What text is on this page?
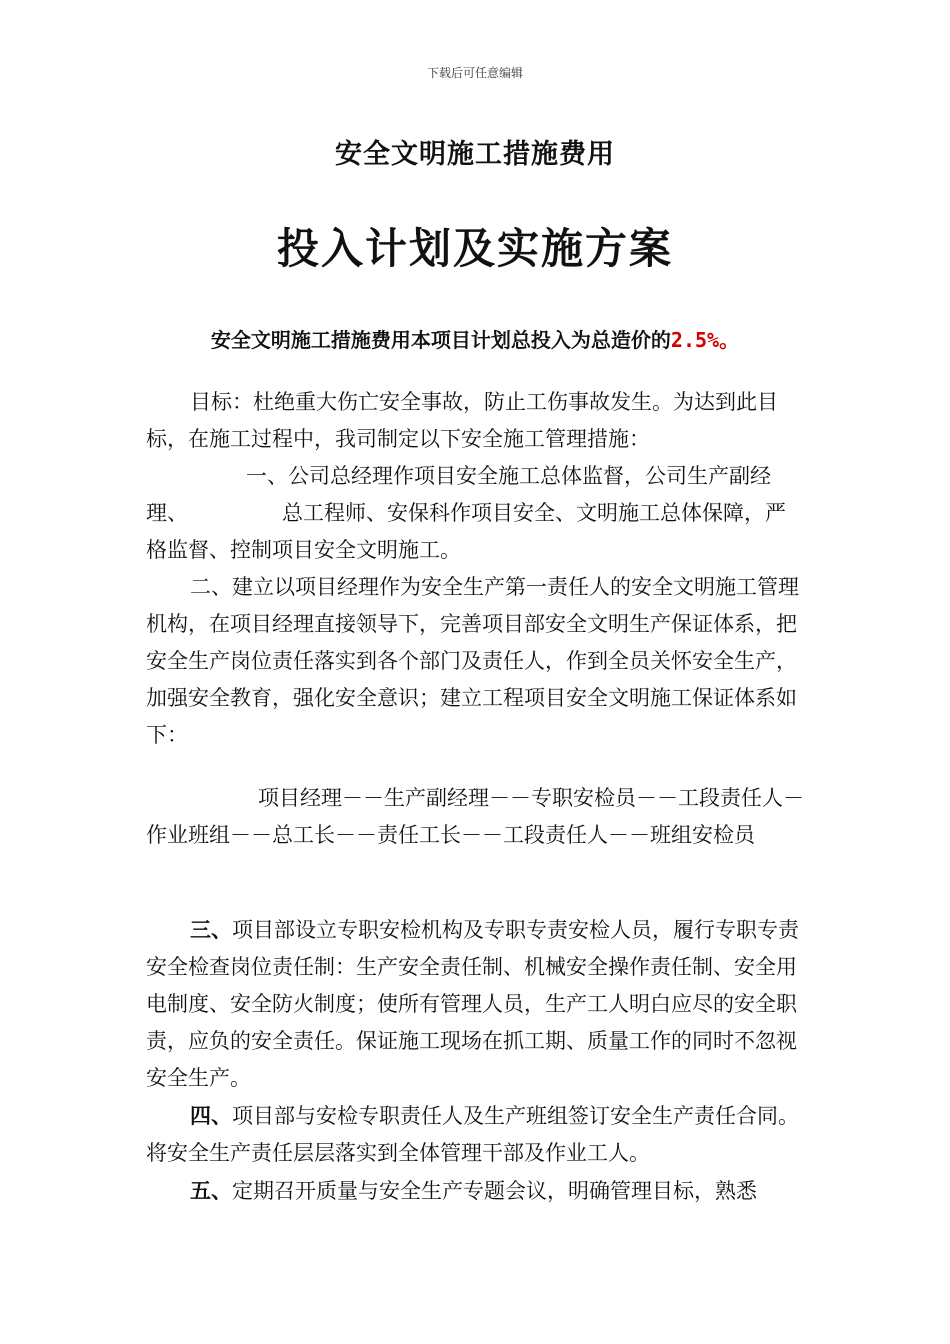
下载后可任意编辑
安全文明施工措施费用
投入计划及实施方案
安全文明施工措施费用本项目计划总投入为总造价的2.5%。

目标：杜绝重大伤亡安全事故，防止工伤事故发生。为达到此目标，在施工过程中，我司制定以下安全施工管理措施：

一、公司总经理作项目安全施工总体监督，公司生产副经理、	总工程师、安保科作项目安全、文明施工总体保障，严格监督、控制项目安全文明施工。

二、建立以项目经理作为安全生产第一责任人的安全文明施工管理机构，在项目经理直接领导下，完善项目部安全文明生产保证体系，把安全生产岗位责任落实到各个部门及责任人，作到全员关怀安全生产，加强安全教育，强化安全意识；建立工程项目安全文明施工保证体系如下：

项目经理－－生产副经理－－专职安检员－－工段责任人－作业班组－－总工长－－责任工长－－工段责任人－－班组安检员

三、项目部设立专职安检机构及专职专责安检人员，履行专职专责安全检查岗位责任制：生产安全责任制、机械安全操作责任制、安全用电制度、安全防火制度；使所有管理人员，生产工人明白应尽的安全职责，应负的安全责任。保证施工现场在抓工期、质量工作的同时不忽视安全生产。

四、项目部与安检专职责任人及生产班组签订安全生产责任合同。将安全生产责任层层落实到全体管理干部及作业工人。

五、定期召开质量与安全生产专题会议，明确管理目标，熟悉
